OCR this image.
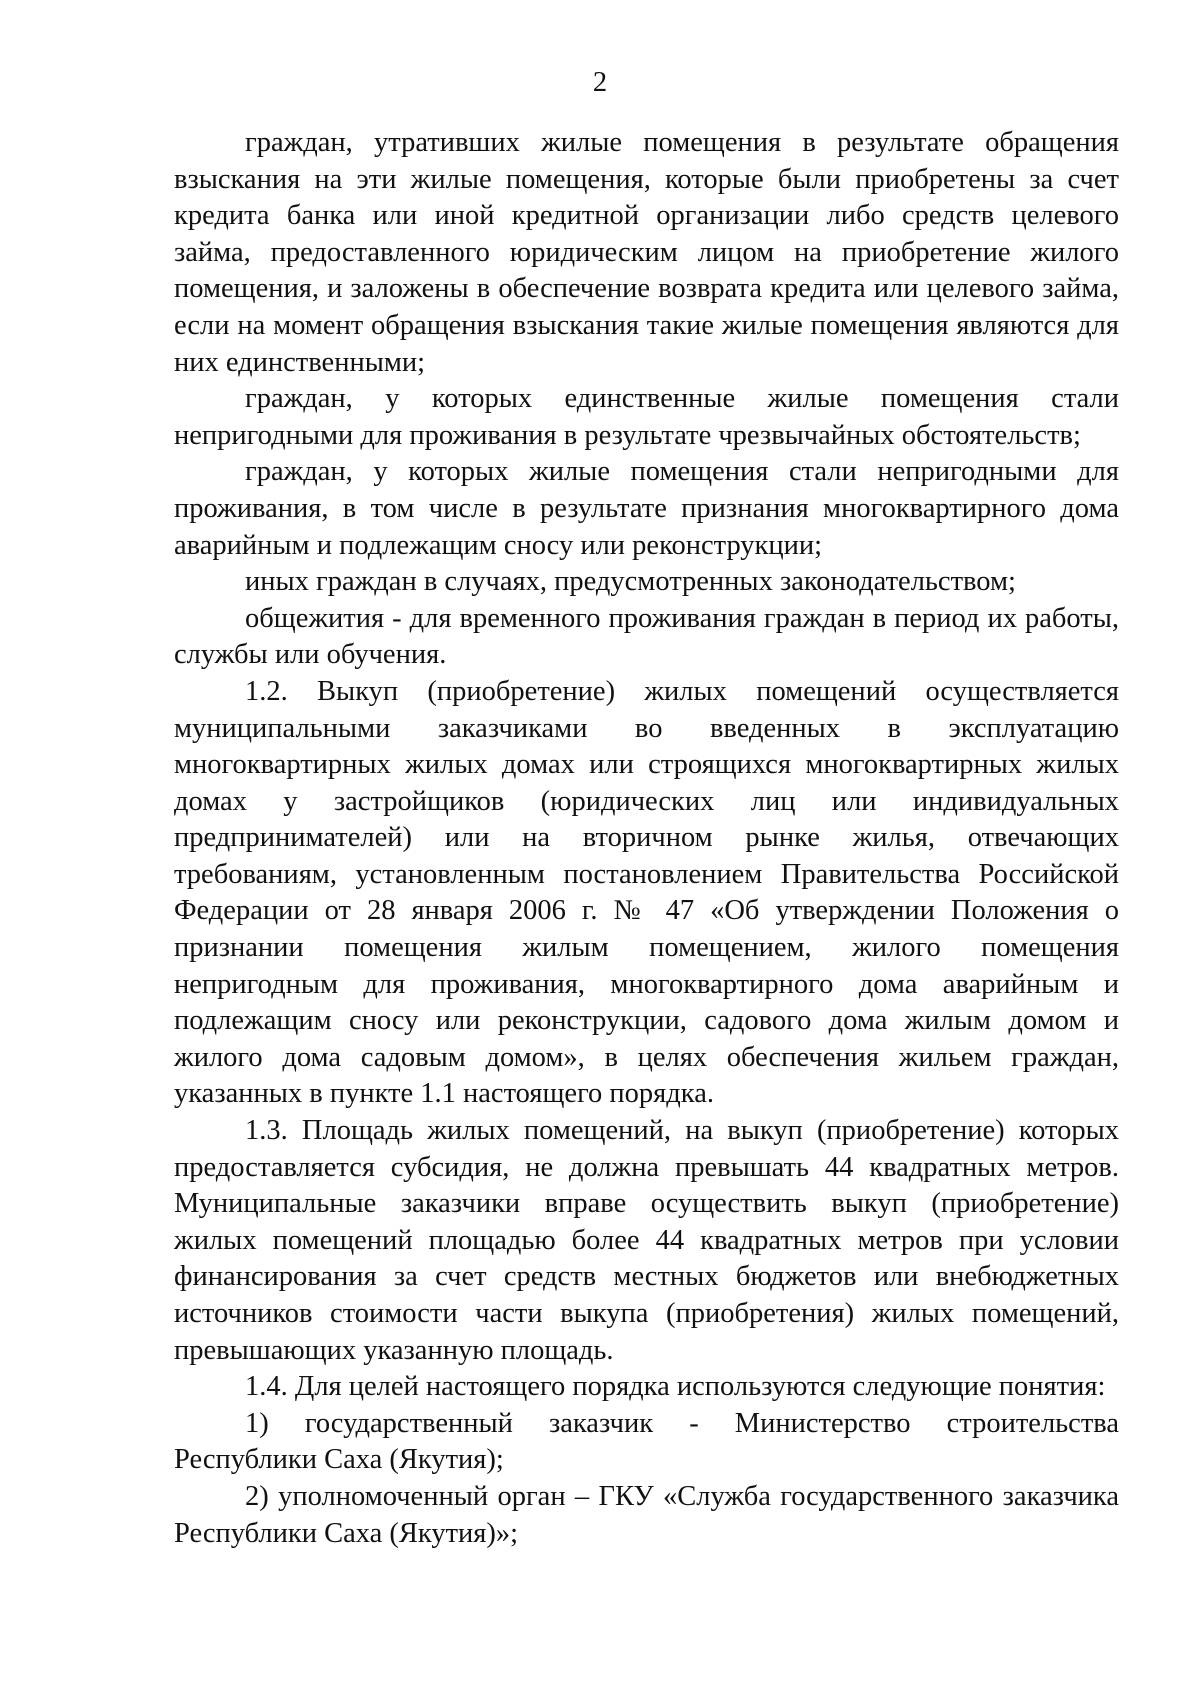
2

граждан, утративших жилые помещения в результате обращения взыскания на эти жилые помещения, которые были приобретены за счет кредита банка или иной кредитной организации либо средств целевого займа, предоставленного юридическим лицом на приобретение жилого помещения, и заложены в обеспечение возврата кредита или целевого займа, если на момент обращения взыскания такие жилые помещения являются для них единственными;

граждан, у которых единственные жилые помещения стали непригодными для проживания в результате чрезвычайных обстоятельств;

граждан, у которых жилые помещения стали непригодными для проживания, в том числе в результате признания многоквартирного дома аварийным и подлежащим сносу или реконструкции;

иных граждан в случаях, предусмотренных законодательством;

общежития - для временного проживания граждан в период их работы, службы или обучения.

1.2. Выкуп (приобретение) жилых помещений осуществляется муниципальными заказчиками во введенных в эксплуатацию многоквартирных жилых домах или строящихся многоквартирных жилых домах у застройщиков (юридических лиц или индивидуальных предпринимателей) или на вторичном рынке жилья, отвечающих требованиям, установленным постановлением Правительства Российской Федерации от 28 января 2006 г. № 47 «Об утверждении Положения о признании помещения жилым помещением, жилого помещения непригодным для проживания, многоквартирного дома аварийным и подлежащим сносу или реконструкции, садового дома жилым домом и жилого дома садовым домом», в целях обеспечения жильем граждан, указанных в пункте 1.1 настоящего порядка.

1.3. Площадь жилых помещений, на выкуп (приобретение) которых предоставляется субсидия, не должна превышать 44 квадратных метров. Муниципальные заказчики вправе осуществить выкуп (приобретение) жилых помещений площадью более 44 квадратных метров при условии финансирования за счет средств местных бюджетов или внебюджетных источников стоимости части выкупа (приобретения) жилых помещений, превышающих указанную площадь.

1.4. Для целей настоящего порядка используются следующие понятия:

1) государственный заказчик - Министерство строительства Республики Саха (Якутия);

2) уполномоченный орган – ГКУ «Служба государственного заказчика Республики Саха (Якутия)»;
